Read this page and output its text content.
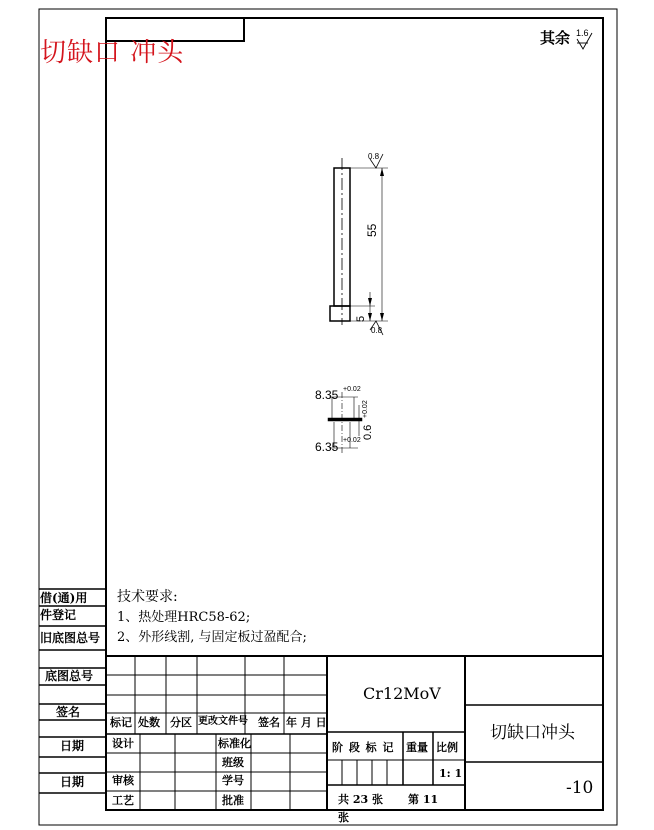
切缺口 冲头	其余 1.6
0.8
0.8
55
5
8.35 +0.02
6.35 +0.02
0.6
+0.02
技术要求:
1、热处理HRC58-62;
2、外形线割, 与固定板过盈配合;
借(通)用
件登记
旧底图总号
底图总号
签名
日期
日期
Cr12MoV
切缺口冲头
-10
标记 处数 分区 更改文件号 签名 年 月 日
设计
审核
工艺
标准化
班级
学号
批准
阶 段 标 记 重量 比例
1: 1
共 23 张 第 11
张
